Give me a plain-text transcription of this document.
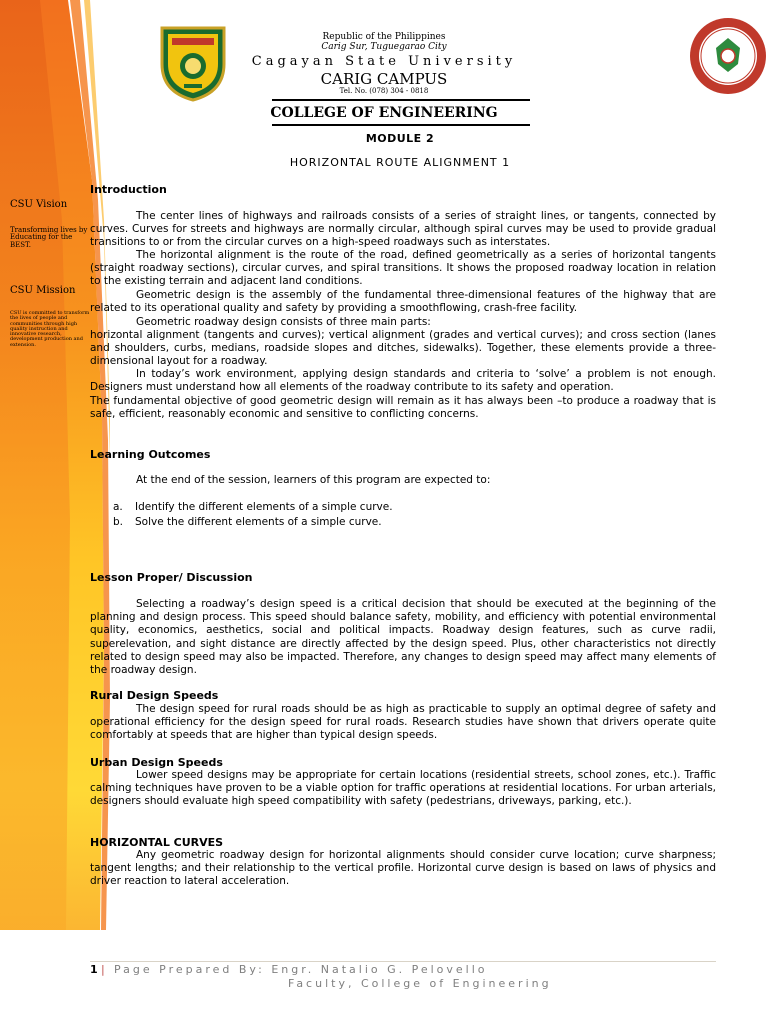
Republic of the Philippines
Carig Sur, Tuguegarao City
Cagayan State University
CARIG CAMPUS
Tel. No. (078) 304 - 0818
COLLEGE OF ENGINEERING
MODULE 2
HORIZONTAL ROUTE ALIGNMENT 1
CSU Vision
Transforming lives by Educating for the BEST.
CSU Mission
CSU is committed to transform the lives of people and communities through high quality instruction and innovative research, development production and extension.
Introduction

The center lines of highways and railroads consists of a series of straight lines, or tangents, connected by curves. Curves for streets and highways are normally circular, although spiral curves may be used to provide gradual transitions to or from the circular curves on a high-speed roadways such as interstates.

The horizontal alignment is the route of the road, defined geometrically as a series of horizontal tangents (straight roadway sections), circular curves, and spiral transitions. It shows the proposed roadway location in relation to the existing terrain and adjacent land conditions.

Geometric design is the assembly of the fundamental three-dimensional features of the highway that are related to its operational quality and safety by providing a smoothflowing, crash-free facility.

Geometric roadway design consists of three main parts:

horizontal alignment (tangents and curves); vertical alignment (grades and vertical curves); and cross section (lanes and shoulders, curbs, medians, roadside slopes and ditches, sidewalks). Together, these elements provide a three-dimensional layout for a roadway.

In today’s work environment, applying design standards and criteria to ‘solve’ a problem is not enough. Designers must understand how all elements of the roadway contribute to its safety and operation.

The fundamental objective of good geometric design will remain as it has always been –to produce a roadway that is safe, efficient, reasonably economic and sensitive to conflicting concerns.

Learning Outcomes

At the end of the session, learners of this program are expected to:

a. Identify the different elements of a simple curve.
b. Solve the different elements of a simple curve.
Lesson Proper/ Discussion

Selecting a roadway’s design speed is a critical decision that should be executed at the beginning of the planning and design process. This speed should balance safety, mobility, and efficiency with potential environmental quality, economics, aesthetics, social and political impacts. Roadway design features, such as curve radii, superelevation, and sight distance are directly affected by the design speed. Plus, other characteristics not directly related to design speed may also be impacted. Therefore, any changes to design speed may affect many elements of the roadway design.

Rural Design Speeds

The design speed for rural roads should be as high as practicable to supply an optimal degree of safety and operational efficiency for the design speed for rural roads. Research studies have shown that drivers operate quite comfortably at speeds that are higher than typical design speeds.

Urban Design Speeds

Lower speed designs may be appropriate for certain locations (residential streets, school zones, etc.). Traffic calming techniques have proven to be a viable option for traffic operations at residential locations. For urban arterials, designers should evaluate high speed compatibility with safety (pedestrians, driveways, parking, etc.).

HORIZONTAL CURVES

Any geometric roadway design for horizontal alignments should consider curve location; curve sharpness; tangent lengths; and their relationship to the vertical profile. Horizontal curve design is based on laws of physics and driver reaction to lateral acceleration.

1 | Page Prepared By: Engr. Natalio G. Pelovello
Faculty, College of Engineering
